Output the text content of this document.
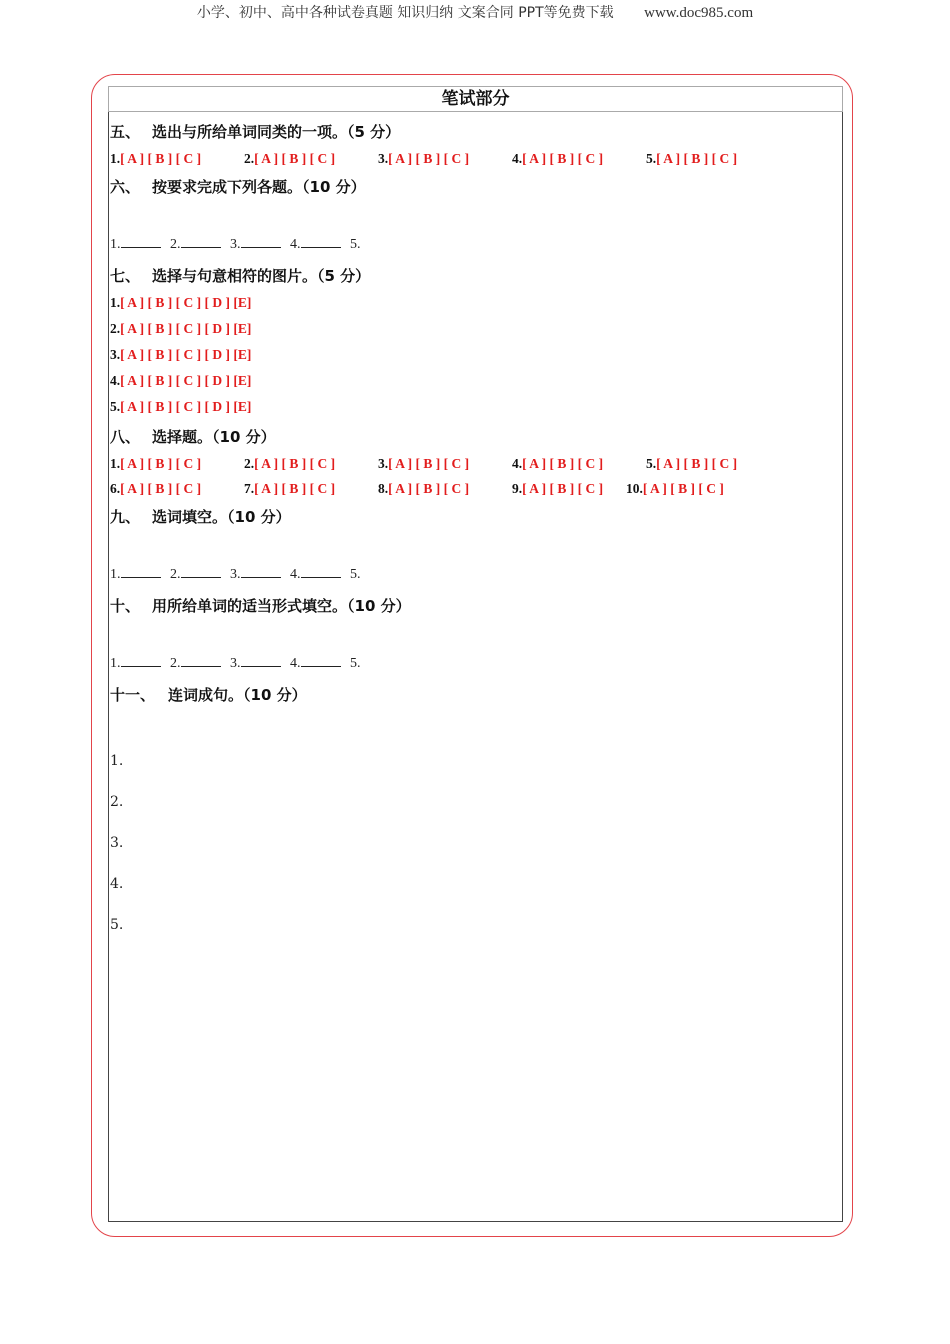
小学、初中、高中各种试卷真题 知识归纳 文案合同 PPT等免费下载 www.doc985.com
笔试部分
五、 选出与所给单词同类的一项。（5 分）
1.[ A ] [ B ] [ C ]	2.[ A ] [ B ] [ C ]	3.[ A ] [ B ] [ C ]	4.[ A ] [ B ] [ C ]	5.[ A ] [ B ] [ C ]
六、 按要求完成下列各题。（10 分）
1.	2.	3.	4.	5.
七、 选择与句意相符的图片。（5 分）
1.[ A ] [ B ] [ C ] [ D ] [E]
2.[ A ] [ B ] [ C ] [ D ] [E]
3.[ A ] [ B ] [ C ] [ D ] [E]
4.[ A ] [ B ] [ C ] [ D ] [E]
5.[ A ] [ B ] [ C ] [ D ] [E]
八、 选择题。（10 分）
1.[ A ] [ B ] [ C ]	2.[ A ] [ B ] [ C ]	3.[ A ] [ B ] [ C ]	4.[ A ] [ B ] [ C ]	5.[ A ] [ B ] [ C ]
6.[ A ] [ B ] [ C ]	7.[ A ] [ B ] [ C ]	8.[ A ] [ B ] [ C ]	9.[ A ] [ B ] [ C ] 10.[ A ] [ B ] [ C ]
九、 选词填空。（10 分）
1.	2.	3.	4.	5.
十、 用所给单词的适当形式填空。（10 分）
1.	2.	3.	4.	5.
十一、 连词成句。（10 分）
1.
2.
3.
4.
5.
